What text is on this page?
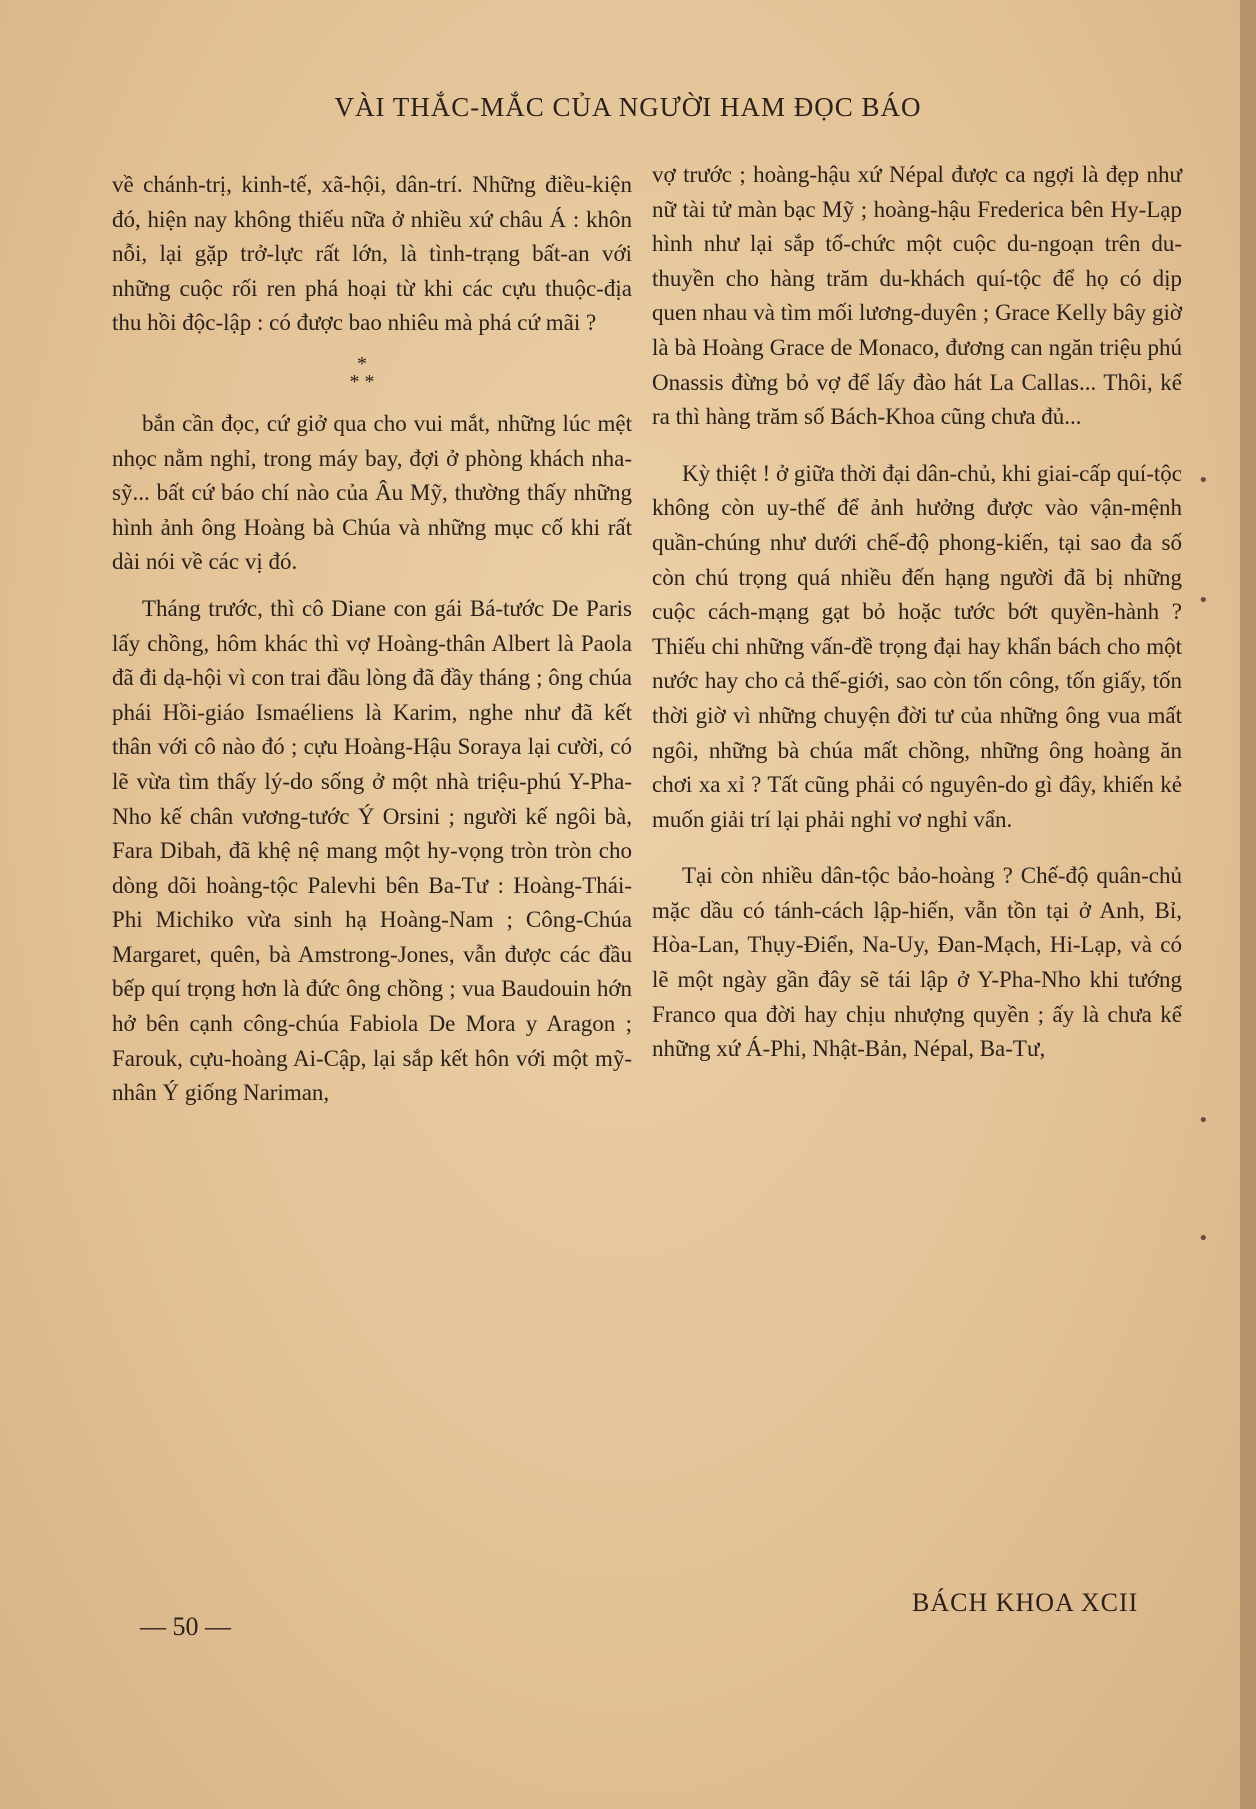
VÀI THẮC-MẮC CỦA NGƯỜI HAM ĐỌC BÁO

về chánh-trị, kinh-tế, xã-hội, dân-trí. Những điều-kiện đó, hiện nay không thiếu nữa ở nhiều xứ châu Á : khôn nỗi, lại gặp trở-lực rất lớn, là tình-trạng bất-an với những cuộc rối ren phá hoại từ khi các cựu thuộc-địa thu hồi độc-lập : có được bao nhiêu mà phá cứ mãi ?

*
* *

bắn cần đọc, cứ giở qua cho vui mắt, những lúc mệt nhọc nằm nghỉ, trong máy bay, đợi ở phòng khách nha-sỹ... bất cứ báo chí nào của Âu Mỹ, thường thấy những hình ảnh ông Hoàng bà Chúa và những mục cố khi rất dài nói về các vị đó.

Tháng trước, thì cô Diane con gái Bá-tước De Paris lấy chồng, hôm khác thì vợ Hoàng-thân Albert là Paola đã đi dạ-hội vì con trai đầu lòng đã đầy tháng ; ông chúa phái Hồi-giáo Ismaéliens là Karim, nghe như đã kết thân với cô nào đó ; cựu Hoàng-Hậu Soraya lại cười, có lẽ vừa tìm thấy lý-do sống ở một nhà triệu-phú Y-Pha-Nho kế chân vương-tước Ý Orsini ; người kế ngôi bà, Fara Dibah, đã khệ nệ mang một hy-vọng tròn tròn cho dòng dõi hoàng-tộc Palevhi bên Ba-Tư : Hoàng-Thái-Phi Michiko vừa sinh hạ Hoàng-Nam ; Công-Chúa Margaret, quên, bà Amstrong-Jones, vẫn được các đầu bếp quí trọng hơn là đức ông chồng ; vua Baudouin hớn hở bên cạnh công-chúa Fabiola De Mora y Aragon ; Farouk, cựu-hoàng Ai-Cập, lại sắp kết hôn với một mỹ-nhân Ý giống Nariman,

vợ trước ; hoàng-hậu xứ Népal được ca ngợi là đẹp như nữ tài tử màn bạc Mỹ ; hoàng-hậu Frederica bên Hy-Lạp hình như lại sắp tổ-chức một cuộc du-ngoạn trên du-thuyền cho hàng trăm du-khách quí-tộc để họ có dịp quen nhau và tìm mối lương-duyên ; Grace Kelly bây giờ là bà Hoàng Grace de Monaco, đương can ngăn triệu phú Onassis đừng bỏ vợ để lấy đào hát La Callas... Thôi, kể ra thì hàng trăm số Bách-Khoa cũng chưa đủ...

Kỳ thiệt ! ở giữa thời đại dân-chủ, khi giai-cấp quí-tộc không còn uy-thế để ảnh hưởng được vào vận-mệnh quần-chúng như dưới chế-độ phong-kiến, tại sao đa số còn chú trọng quá nhiều đến hạng người đã bị những cuộc cách-mạng gạt bỏ hoặc tước bớt quyền-hành ? Thiếu chi những vấn-đề trọng đại hay khẩn bách cho một nước hay cho cả thế-giới, sao còn tốn công, tốn giấy, tốn thời giờ vì những chuyện đời tư của những ông vua mất ngôi, những bà chúa mất chồng, những ông hoàng ăn chơi xa xỉ ? Tất cũng phải có nguyên-do gì đây, khiến kẻ muốn giải trí lại phải nghỉ vơ nghỉ vẩn.

Tại còn nhiều dân-tộc bảo-hoàng ? Chế-độ quân-chủ mặc dầu có tánh-cách lập-hiến, vẫn tồn tại ở Anh, Bỉ, Hòa-Lan, Thụy-Điển, Na-Uy, Đan-Mạch, Hi-Lạp, và có lẽ một ngày gần đây sẽ tái lập ở Y-Pha-Nho khi tướng Franco qua đời hay chịu nhượng quyền ; ấy là chưa kể những xứ Á-Phi, Nhật-Bản, Népal, Ba-Tư,

— 50 —
BÁCH KHOA XCII
•
•
•
•
